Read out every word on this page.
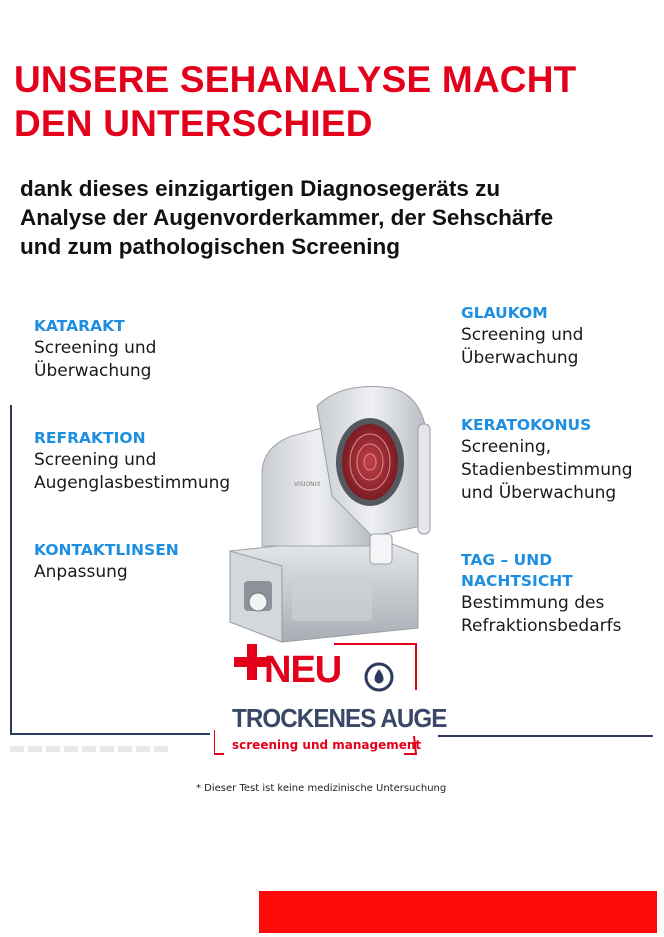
UNSERE SEHANALYSE MACHT
DEN UNTERSCHIED

dank dieses einzigartigen Diagnosegeräts zu
Analyse der Augenvorderkammer, der Sehschärfe
und zum pathologischen Screening

KATARAKT
Screening und
Überwachung
REFRAKTION
Screening und
Augenglasbestimmung
KONTAKTLINSEN
Anpassung
GLAUKOM
Screening und
Überwachung
KERATOKONUS
Screening,
Stadienbestimmung
und Überwachung
TAG – UND
NACHTSICHT
Bestimmung des
Refraktionsbedarfs
VISIONIX
NEU
TROCKENES AUGE
screening und management
* Dieser Test ist keine medizinische Untersuchung
